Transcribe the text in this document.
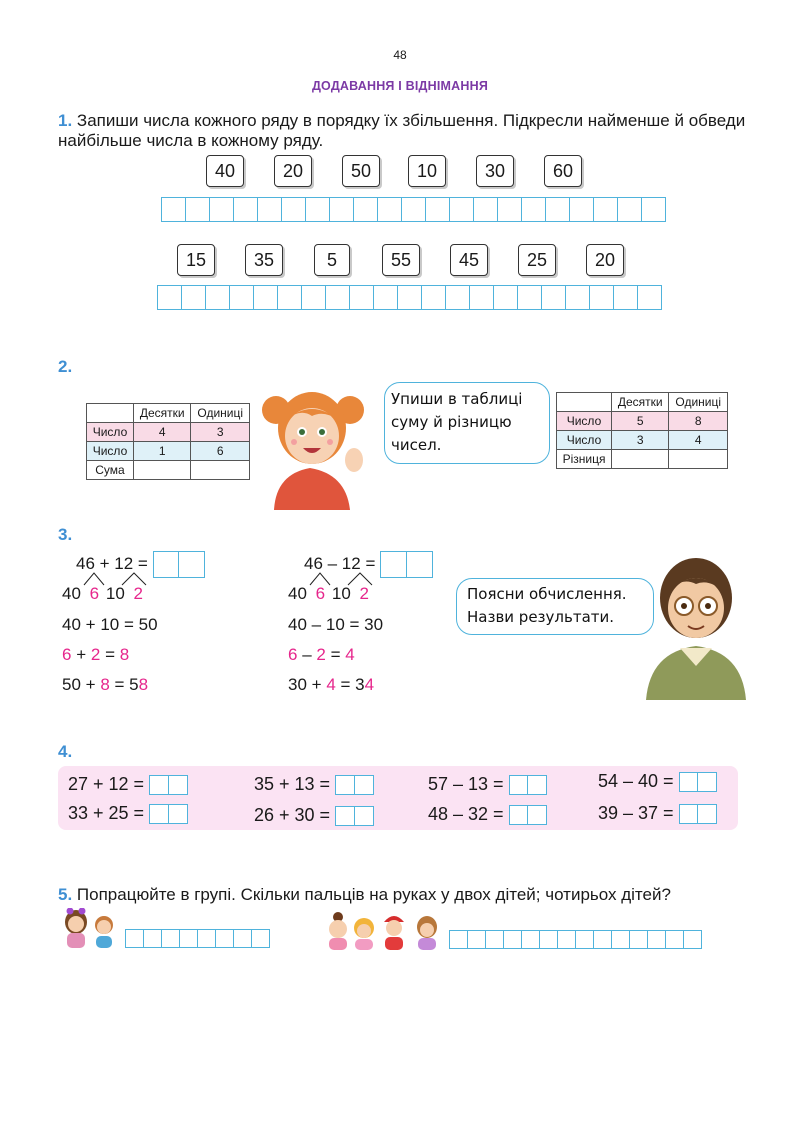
48
ДОДАВАННЯ І ВІДНІМАННЯ
1. Запиши числа кожного ряду в порядку їх збільшення. Підкресли найменше й обведи найбільше числа в кожному ряду.
40	20	50	10	30	60
15	35	5	55	45	25	20
2.
	Десятки	Одиниці
Число	4	3
Число	1	6
Сума		
Упиши в таблиці
суму й різницю
чисел.
	Десятки	Одиниці
Число	5	8
Число	3	4
Різниця		
3.
46 + 12 =
40 6 10 2
40 + 10 = 50
6 + 2 = 8
50 + 8 = 58
46 – 12 =
40 6 10 2
40 – 10 = 30
6 – 2 = 4
30 + 4 = 34
Поясни обчислення.
Назви результати.
4.
27 + 12 =	35 + 13 =	57 – 13 =	54 – 40 =
33 + 25 =	26 + 30 =	48 – 32 =	39 – 37 =
5. Попрацюйте в групі. Скільки пальців на руках у двох дітей; чотирьох дітей?
